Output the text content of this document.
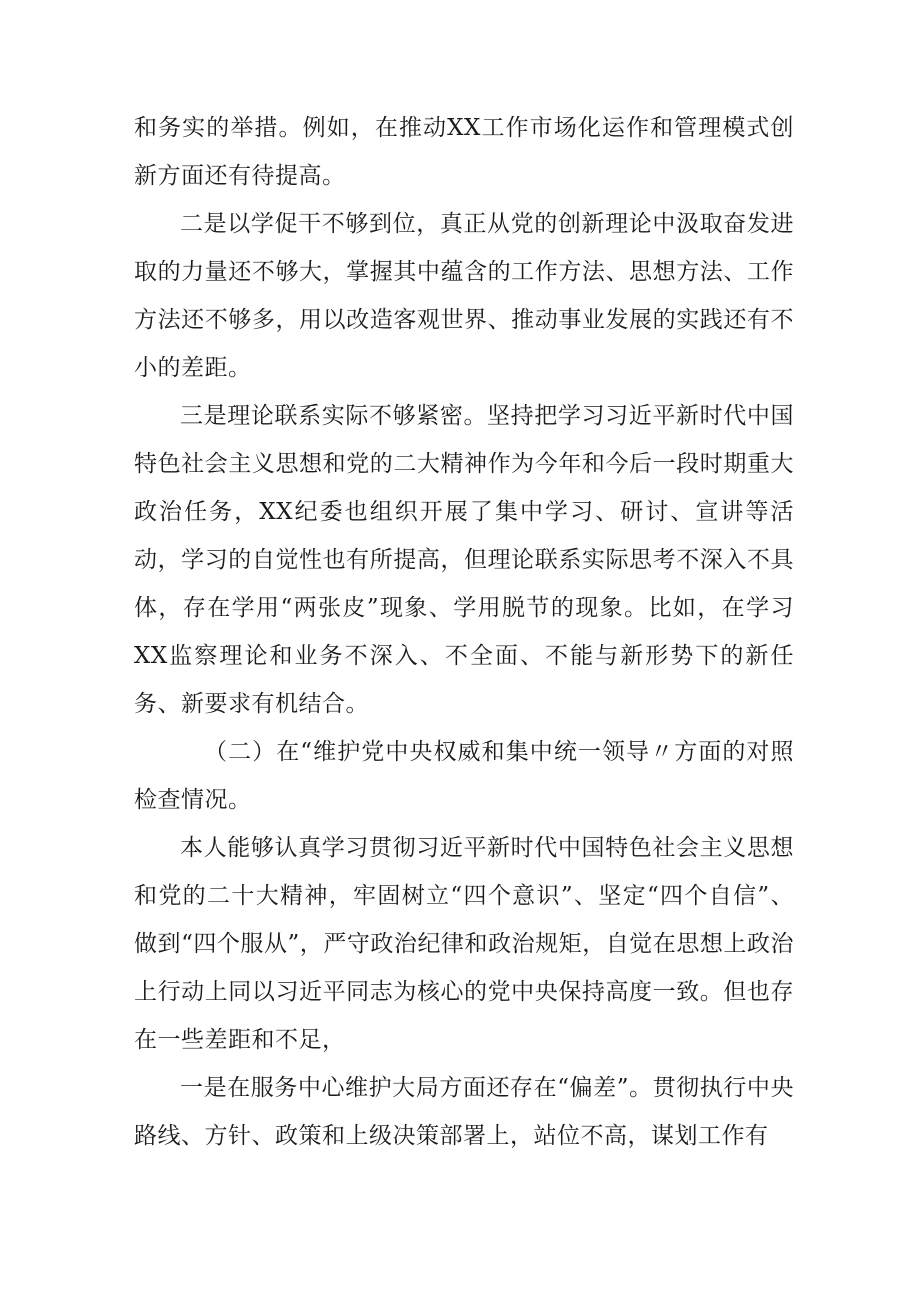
和务实的举措。例如，在推动XX工作市场化运作和管理模式创新方面还有待提高。

二是以学促干不够到位，真正从党的创新理论中汲取奋发进取的力量还不够大，掌握其中蕴含的工作方法、思想方法、工作方法还不够多，用以改造客观世界、推动事业发展的实践还有不小的差距。

三是理论联系实际不够紧密。坚持把学习习近平新时代中国特色社会主义思想和党的二大精神作为今年和今后一段时期重大政治任务，XX纪委也组织开展了集中学习、研讨、宣讲等活动，学习的自觉性也有所提高，但理论联系实际思考不深入不具体，存在学用“两张皮”现象、学用脱节的现象。比如，在学习XX监察理论和业务不深入、不全面、不能与新形势下的新任务、新要求有机结合。

（二）在“维护党中央权威和集中统一领导〃方面的对照检查情况。

本人能够认真学习贯彻习近平新时代中国特色社会主义思想和党的二十大精神，牢固树立“四个意识”、坚定“四个自信”、做到“四个服从”，严守政治纪律和政治规矩，自觉在思想上政治上行动上同以习近平同志为核心的党中央保持高度一致。但也存在一些差距和不足，

一是在服务中心维护大局方面还存在“偏差”。贯彻执行中央路线、方针、政策和上级决策部署上，站位不高，谋划工作有
